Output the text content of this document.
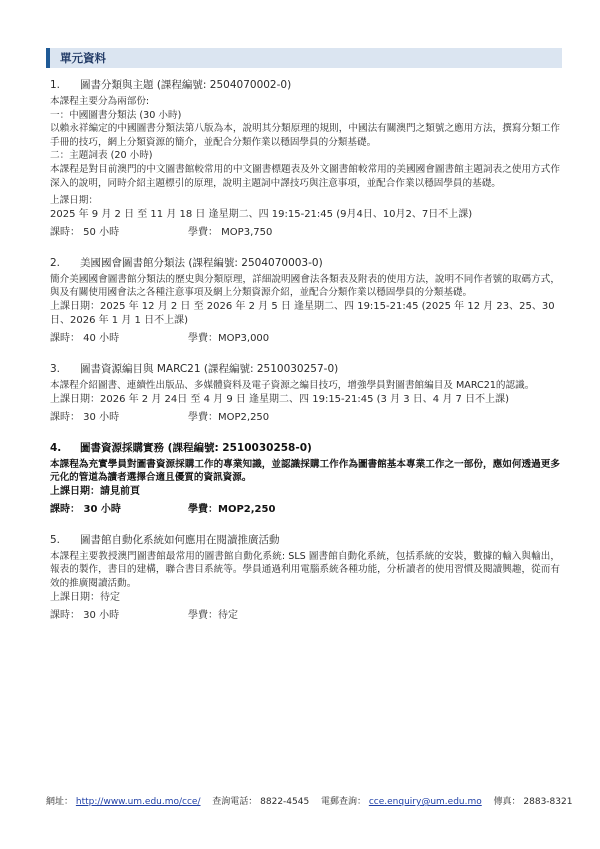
單元資料

1. 圖書分類與主題 (課程編號: 2504070002-0)

本課程主要分為兩部份:

一：中國圖書分類法 (30 小時)

以賴永祥編定的中國圖書分類法第八版為本，說明其分類原理的規則，中國法有關澳門之類號之應用方法，撰寫分類工作手冊的技巧，網上分類資源的簡介，並配合分類作業以穩固學員的分類基礎。

二：主題詞表 (20 小時)

本課程是對目前澳門的中文圖書館較常用的中文圖書標題表及外文圖書館較常用的美國國會圖書館主題詞表之使用方式作深入的說明，同時介紹主題標引的原理，說明主題詞中譯技巧與注意事項，並配合作業以穩固學員的基礎。

上課日期：

2025 年 9 月 2 日 至 11 月 18 日 逢星期二、四 19:15-21:45 (9月4日、10月2、7日不上課)

課時： 50 小時	學費： MOP3,750

2. 美國國會圖書館分類法 (課程編號: 2504070003-0)

簡介美國國會圖書館分類法的歷史與分類原理，詳細說明國會法各類表及附表的使用方法，說明不同作者號的取碼方式，與及有關使用國會法之各種注意事項及網上分類資源介紹，並配合分類作業以穩固學員的分類基礎。

上課日期：2025 年 12 月 2 日 至 2026 年 2 月 5 日 逢星期二、四 19:15-21:45 (2025 年 12 月 23、25、30日、2026 年 1 月 1 日不上課)

課時： 40 小時	學費：MOP3,000

3. 圖書資源編目與 MARC21 (課程編號: 2510030257-0)

本課程介紹圖書、連續性出版品、多媒體資料及電子資源之編目技巧，增強學員對圖書館編目及 MARC21的認識。

上課日期：2026 年 2 月 24日 至 4 月 9 日 逢星期二、四 19:15-21:45 (3 月 3 日、4 月 7 日不上課)

課時： 30 小時	學費：MOP2,250

4. 圖書資源採購實務 (課程編號: 2510030258-0)

本課程為充實學員對圖書資源採購工作的專業知識，並認識採購工作作為圖書館基本專業工作之一部份，應如何透過更多元化的管道為讀者選擇合適且優質的資訊資源。

上課日期：請見前頁

課時： 30 小時	學費：MOP2,250

5. 圖書館自動化系統如何應用在閱讀推廣活動

本課程主要教授澳門圖書館最常用的圖書館自動化系統: SLS 圖書館自動化系統，包括系統的安裝，數據的輸入與輸出，報表的製作，書目的建構，聯合書目系統等。學員通過利用電腦系統各種功能，分析讀者的使用習慣及閱讀興趣，從而有效的推廣閱讀活動。

上課日期：待定

課時： 30 小時	學費：待定
網址： http://www.um.edu.mo/cce/ 查詢電話： 8822-4545 電郵查詢： cce.enquiry@um.edu.mo 傳真： 2883-8321
